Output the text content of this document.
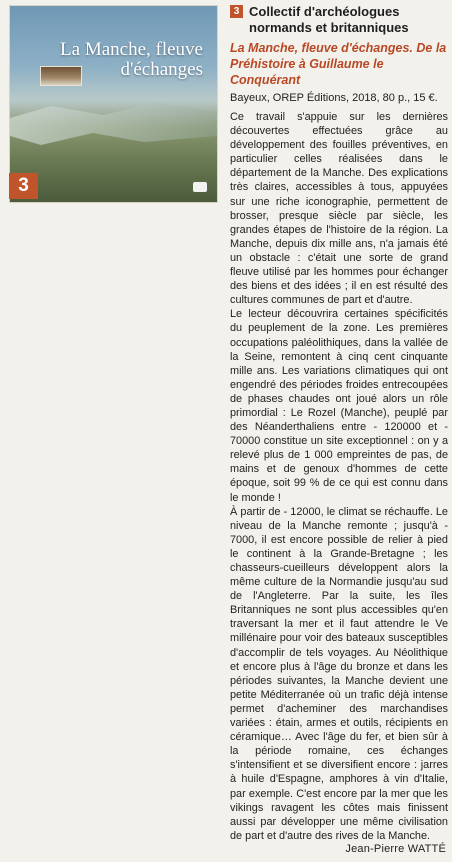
La Manche, fleuve d'échanges
3
3 Collectif d'archéologues normands et britanniques
La Manche, fleuve d'échanges. De la Préhistoire à Guillaume le Conquérant
Bayeux, OREP Éditions, 2018, 80 p., 15 €.

Ce travail s'appuie sur les dernières découvertes effectuées grâce au développement des fouilles préventives, en particulier celles réalisées dans le département de la Manche. Des explications très claires, accessibles à tous, appuyées sur une riche iconographie, permettent de brosser, presque siècle par siècle, les grandes étapes de l'histoire de la région. La Manche, depuis dix mille ans, n'a jamais été un obstacle : c'était une sorte de grand fleuve utilisé par les hommes pour échanger des biens et des idées ; il en est résulté des cultures communes de part et d'autre.

Le lecteur découvrira certaines spécificités du peuplement de la zone. Les premières occupations paléolithiques, dans la vallée de la Seine, remontent à cinq cent cinquante mille ans. Les variations climatiques qui ont engendré des périodes froides entrecoupées de phases chaudes ont joué alors un rôle primordial : Le Rozel (Manche), peuplé par des Néanderthaliens entre - 120000 et - 70000 constitue un site exceptionnel : on y a relevé plus de 1 000 empreintes de pas, de mains et de genoux d'hommes de cette époque, soit 99 % de ce qui est connu dans le monde !

À partir de - 12000, le climat se réchauffe. Le niveau de la Manche remonte ; jusqu'à - 7000, il est encore possible de relier à pied le continent à la Grande-Bretagne ; les chasseurs-cueilleurs développent alors la même culture de la Normandie jusqu'au sud de l'Angleterre. Par la suite, les îles Britanniques ne sont plus accessibles qu'en traversant la mer et il faut attendre le Ve millénaire pour voir des bateaux susceptibles d'accomplir de tels voyages. Au Néolithique et encore plus à l'âge du bronze et dans les périodes suivantes, la Manche devient une petite Méditerranée où un trafic déjà intense permet d'acheminer des marchandises variées : étain, armes et outils, récipients en céramique… Avec l'âge du fer, et bien sûr à la période romaine, ces échanges s'intensifient et se diversifient encore : jarres à huile d'Espagne, amphores à vin d'Italie, par exemple. C'est encore par la mer que les vikings ravagent les côtes mais finissent aussi par développer une même civilisation de part et d'autre des rives de la Manche.

Jean-Pierre WATTÉ
